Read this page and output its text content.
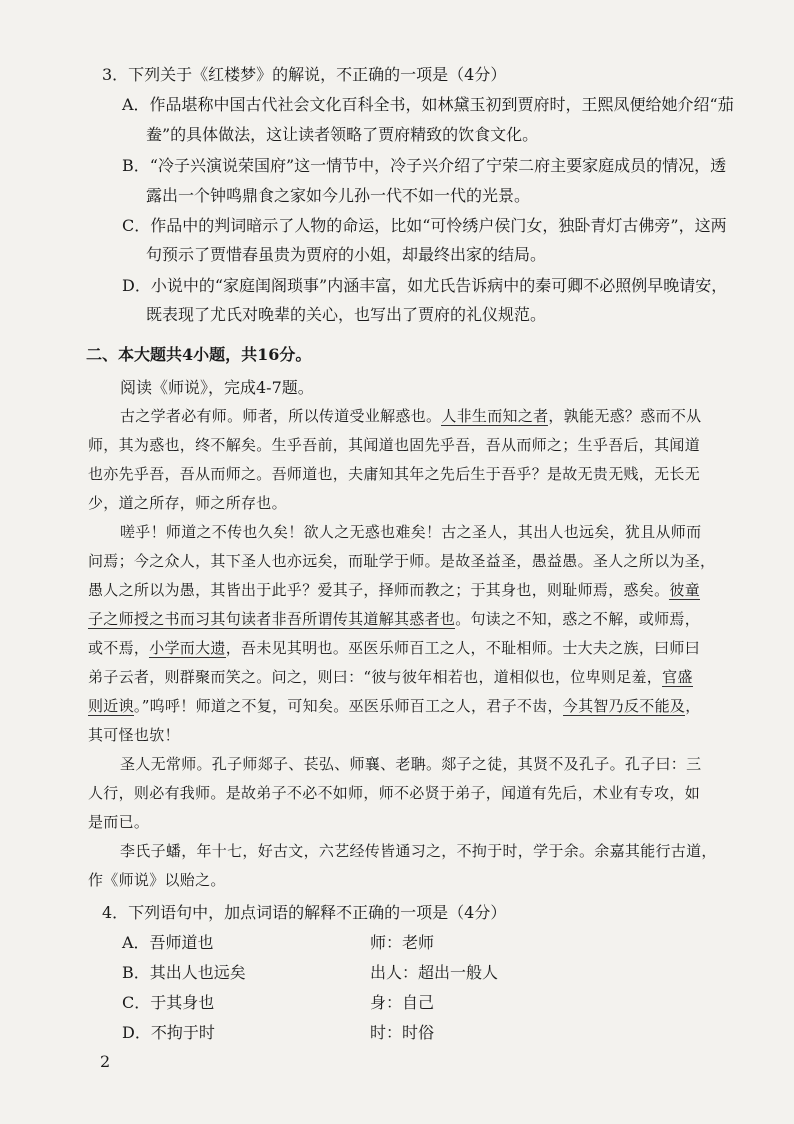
3．下列关于《红楼梦》的解说，不正确的一项是（4分）
A．作品堪称中国古代社会文化百科全书，如林黛玉初到贾府时，王熙凤便给她介绍“茄
鲞”的具体做法，这让读者领略了贾府精致的饮食文化。
B．“冷子兴演说荣国府”这一情节中，冷子兴介绍了宁荣二府主要家庭成员的情况，透
露出一个钟鸣鼎食之家如今儿孙一代不如一代的光景。
C．作品中的判词暗示了人物的命运，比如“可怜绣户侯门女，独卧青灯古佛旁”，这两
句预示了贾惜春虽贵为贾府的小姐，却最终出家的结局。
D．小说中的“家庭闺阁琐事”内涵丰富，如尤氏告诉病中的秦可卿不必照例早晚请安，
既表现了尤氏对晚辈的关心，也写出了贾府的礼仪规范。
二、本大题共4小题，共16分。
阅读《师说》，完成4-7题。
古之学者必有师。师者，所以传道受业解惑也。人非生而知之者，孰能无惑？惑而不从
师，其为惑也，终不解矣。生乎吾前，其闻道也固先乎吾，吾从而师之；生乎吾后，其闻道
也亦先乎吾，吾从而师之。吾师道也，夫庸知其年之先后生于吾乎？是故无贵无贱，无长无
少，道之所存，师之所存也。
嗟乎！师道之不传也久矣！欲人之无惑也难矣！古之圣人，其出人也远矣，犹且从师而
问焉；今之众人，其下圣人也亦远矣，而耻学于师。是故圣益圣，愚益愚。圣人之所以为圣，
愚人之所以为愚，其皆出于此乎？爱其子，择师而教之；于其身也，则耻师焉，惑矣。彼童
子之师授之书而习其句读者非吾所谓传其道解其惑者也。句读之不知，惑之不解，或师焉，
或不焉，小学而大遗，吾未见其明也。巫医乐师百工之人，不耻相师。士大夫之族，曰师曰
弟子云者，则群聚而笑之。问之，则曰：“彼与彼年相若也，道相似也，位卑则足羞，官盛
则近谀。”呜呼！师道之不复，可知矣。巫医乐师百工之人，君子不齿，今其智乃反不能及，
其可怪也欤！
圣人无常师。孔子师郯子、苌弘、师襄、老聃。郯子之徒，其贤不及孔子。孔子曰：三
人行，则必有我师。是故弟子不必不如师，师不必贤于弟子，闻道有先后，术业有专攻，如
是而已。
李氏子蟠，年十七，好古文，六艺经传皆通习之，不拘于时，学于余。余嘉其能行古道，
作《师说》以贻之。
4．下列语句中，加点词语的解释不正确的一项是（4分）
A．吾师道也	师：老师
B．其出人也远矣	出人：超出一般人
C．于其身也	身：自己
D．不拘于时	时：时俗
2
